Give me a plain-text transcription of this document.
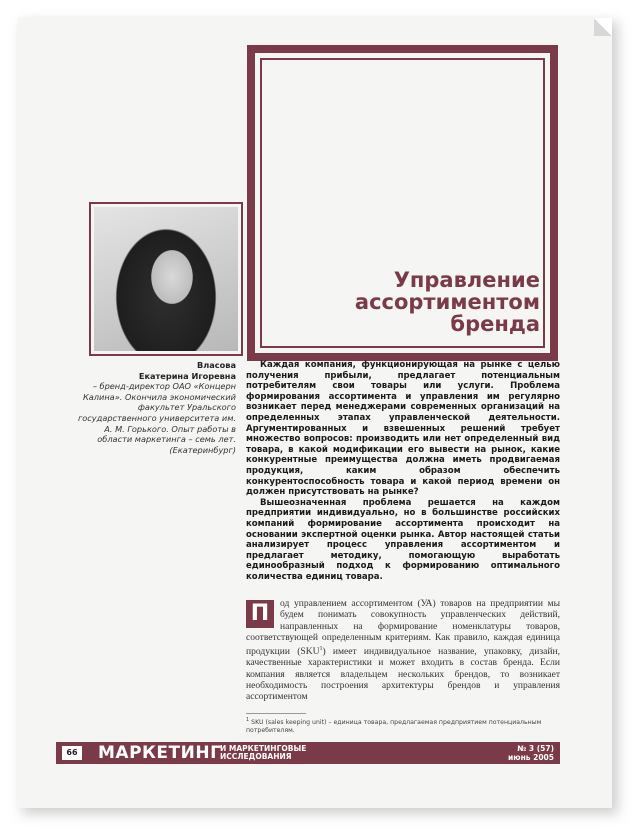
Управление
ассортиментом
бренда
Власова
Екатерина Игоревна
– бренд-директор ОАО «Концерн Калина». Окончила экономический факультет Уральского государственного университета им. А. М. Горького. Опыт работы в области маркетинга – семь лет. (Екатеринбург)

Каждая компания, функционирующая на рынке с целью получения прибыли, предлагает потенциальным потребителям свои товары или услуги. Проблема формирования ассортимента и управления им регулярно возникает перед менеджерами современных организаций на определенных этапах управленческой деятельности. Аргументированных и взвешенных решений требует множество вопросов: производить или нет определенный вид товара, в какой модификации его вывести на рынок, какие конкурентные преимущества должна иметь продвигаемая продукция, каким образом обеспечить конкурентоспособность товара и какой период времени он должен присутствовать на рынке?

Вышеозначенная проблема решается на каждом предприятии индивидуально, но в большинстве российских компаний формирование ассортимента происходит на основании экспертной оценки рынка. Автор настоящей статьи анализирует процесс управления ассортиментом и предлагает методику, помогающую выработать единообразный подход к формированию оптимального количества единиц товара.

П	од управлением ассортиментом (УА) товаров на предприятии мы будем понимать совокупность управленческих действий, направленных на формирование номенклатуры товаров, соответствующей определенным критериям. Как правило, каждая единица продукции (SKU$^1$) имеет индивидуальное название, упаковку, дизайн, качественные характеристики и может входить в состав бренда. Если компания является владельцем нескольких брендов, то возникает необходимость построения архитектуры брендов и управления ассортиментом

$^1$ SKU (sales keeping unit) – единица товара, предлагаемая предприятием потенциальным потребителям.

66	МАРКЕТИНГ
И МАРКЕТИНГОВЫЕ
ИССЛЕДОВАНИЯ
№ 3 (57)
июнь 2005
